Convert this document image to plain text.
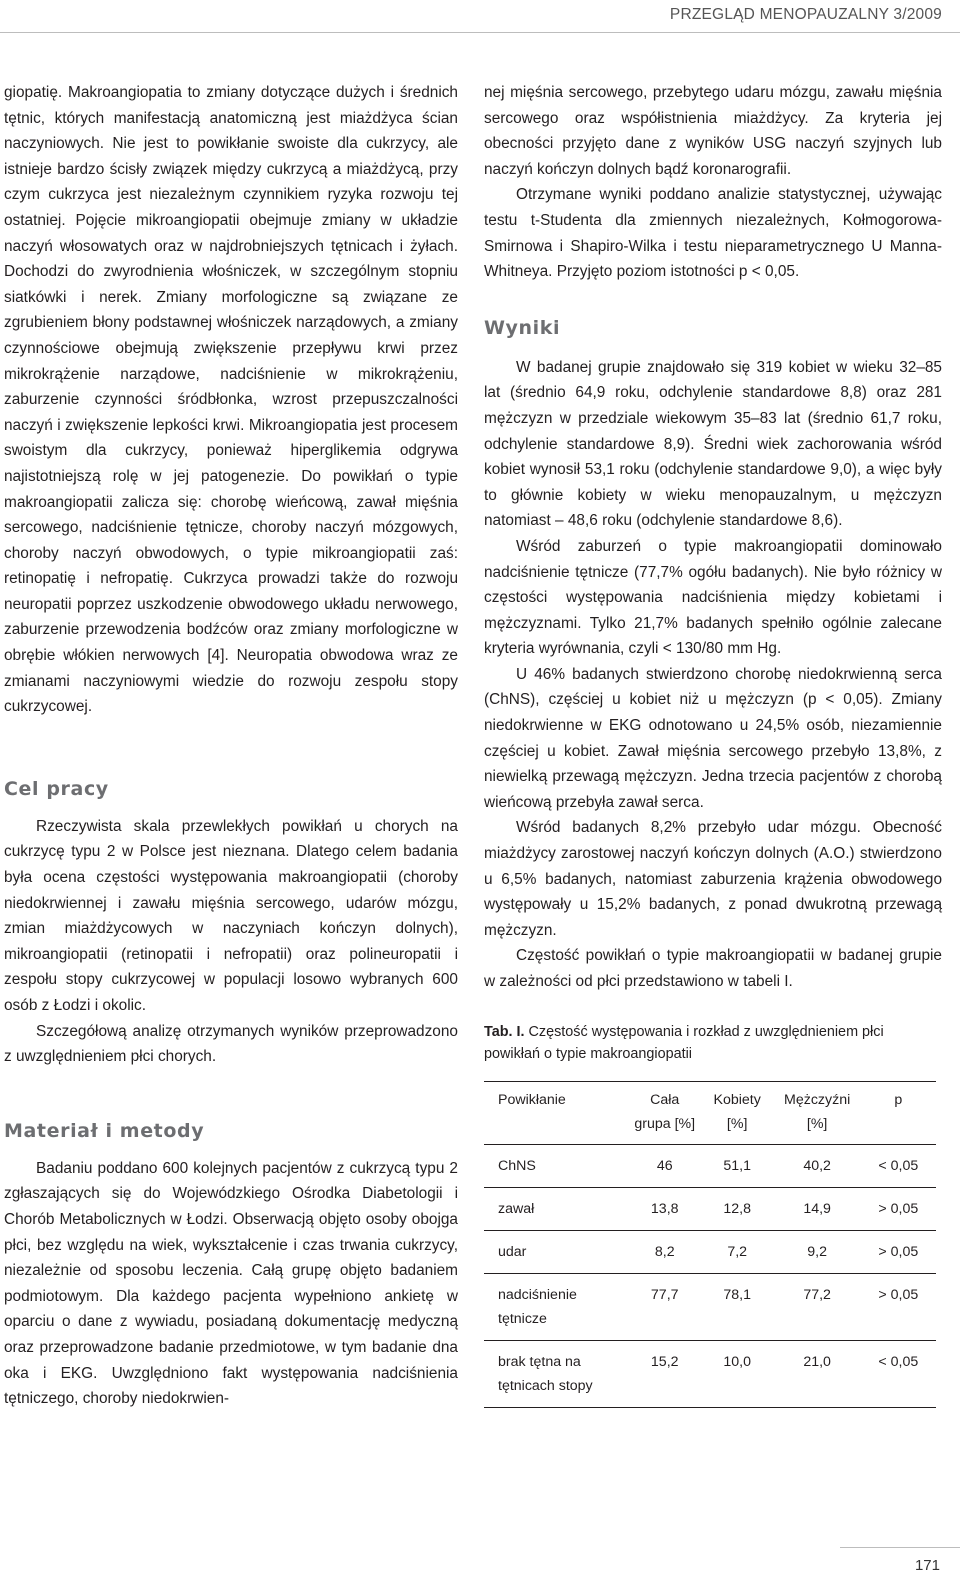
PRZEGLĄD MENOPAUZALNY 3/2009

giopatię. Makroangiopatia to zmiany dotyczące dużych i średnich tętnic, których manifestacją anatomiczną jest miażdżyca ścian naczyniowych. Nie jest to powikłanie swoiste dla cukrzycy, ale istnieje bardzo ścisły związek między cukrzycą a miażdżycą, przy czym cukrzyca jest niezależnym czynnikiem ryzyka rozwoju tej ostatniej. Pojęcie mikroangiopatii obejmuje zmiany w układzie naczyń włosowatych oraz w najdrobniejszych tętnicach i żyłach. Dochodzi do zwyrodnienia włośniczek, w szczególnym stopniu siatkówki i nerek. Zmiany morfologiczne są związane ze zgrubieniem błony podstawnej włośniczek narządowych, a zmiany czynnościowe obejmują zwiększenie przepływu krwi przez mikrokrążenie narządowe, nadciśnienie w mikrokrążeniu, zaburzenie czynności śródbłonka, wzrost przepuszczalności naczyń i zwiększenie lepkości krwi. Mikroangiopatia jest procesem swoistym dla cukrzycy, ponieważ hiperglikemia odgrywa najistotniejszą rolę w jej patogenezie. Do powikłań o typie makroangiopatii zalicza się: chorobę wieńcową, zawał mięśnia sercowego, nadciśnienie tętnicze, choroby naczyń mózgowych, choroby naczyń obwodowych, o typie mikroangiopatii zaś: retinopatię i nefropatię. Cukrzyca prowadzi także do rozwoju neuropatii poprzez uszkodzenie obwodowego układu nerwowego, zaburzenie przewodzenia bodźców oraz zmiany morfologiczne w obrębie włókien nerwowych [4]. Neuropatia obwodowa wraz ze zmianami naczyniowymi wiedzie do rozwoju zespołu stopy cukrzycowej.

Cel pracy

Rzeczywista skala przewlekłych powikłań u chorych na cukrzycę typu 2 w Polsce jest nieznana. Dlatego celem badania była ocena częstości występowania makroangiopatii (choroby niedokrwiennej i zawału mięśnia sercowego, udarów mózgu, zmian miażdżycowych w naczyniach kończyn dolnych), mikroangiopatii (retinopatii i nefropatii) oraz polineuropatii i zespołu stopy cukrzycowej w populacji losowo wybranych 600 osób z Łodzi i okolic.

Szczegółową analizę otrzymanych wyników przeprowadzono z uwzględnieniem płci chorych.

Materiał i metody

Badaniu poddano 600 kolejnych pacjentów z cukrzycą typu 2 zgłaszających się do Wojewódzkiego Ośrodka Diabetologii i Chorób Metabolicznych w Łodzi. Obserwacją objęto osoby obojga płci, bez względu na wiek, wykształcenie i czas trwania cukrzycy, niezależnie od sposobu leczenia. Całą grupę objęto badaniem podmiotowym. Dla każdego pacjenta wypełniono ankietę w oparciu o dane z wywiadu, posiadaną dokumentację medyczną oraz przeprowadzone badanie przedmiotowe, w tym badanie dna oka i EKG. Uwzględniono fakt występowania nadciśnienia tętniczego, choroby niedokrwien-

nej mięśnia sercowego, przebytego udaru mózgu, zawału mięśnia sercowego oraz współistnienia miażdżycy. Za kryteria jej obecności przyjęto dane z wyników USG naczyń szyjnych lub naczyń kończyn dolnych bądź koronarografii.

Otrzymane wyniki poddano analizie statystycznej, używając testu t-Studenta dla zmiennych niezależnych, Kołmogorowa-Smirnowa i Shapiro-Wilka i testu nieparametrycznego U Manna-Whitneya. Przyjęto poziom istotności p < 0,05.

Wyniki

W badanej grupie znajdowało się 319 kobiet w wieku 32–85 lat (średnio 64,9 roku, odchylenie standardowe 8,8) oraz 281 mężczyzn w przedziale wiekowym 35–83 lat (średnio 61,7 roku, odchylenie standardowe 8,9). Średni wiek zachorowania wśród kobiet wynosił 53,1 roku (odchylenie standardowe 9,0), a więc były to głównie kobiety w wieku menopauzalnym, u mężczyzn natomiast – 48,6 roku (odchylenie standardowe 8,6).

Wśród zaburzeń o typie makroangiopatii dominowało nadciśnienie tętnicze (77,7% ogółu badanych). Nie było różnicy w częstości występowania nadciśnienia między kobietami i mężczyznami. Tylko 21,7% badanych spełniło ogólnie zalecane kryteria wyrównania, czyli < 130/80 mm Hg.

U 46% badanych stwierdzono chorobę niedokrwienną serca (ChNS), częściej u kobiet niż u mężczyzn (p < 0,05). Zmiany niedokrwienne w EKG odnotowano u 24,5% osób, niezamiennie częściej u kobiet. Zawał mięśnia sercowego przebyło 13,8%, z niewielką przewagą mężczyzn. Jedna trzecia pacjentów z chorobą wieńcową przebyła zawał serca.

Wśród badanych 8,2% przebyło udar mózgu. Obecność miażdżycy zarostowej naczyń kończyn dolnych (A.O.) stwierdzono u 6,5% badanych, natomiast zaburzenia krążenia obwodowego występowały u 15,2% badanych, z ponad dwukrotną przewagą mężczyzn.

Częstość powikłań o typie makroangiopatii w badanej grupie w zależności od płci przedstawiono w tabeli I.

Tab. I. Częstość występowania i rozkład z uwzględnieniem płci powikłań o typie makroangiopatii

Powikłanie	Cała grupa [%]	Kobiety [%]	Mężczyźni [%]	p
ChNS	46	51,1	40,2	< 0,05
zawał	13,8	12,8	14,9	> 0,05
udar	8,2	7,2	9,2	> 0,05
nadciśnienie tętnicze	77,7	78,1	77,2	> 0,05
brak tętna na tętnicach stopy	15,2	10,0	21,0	< 0,05
171
